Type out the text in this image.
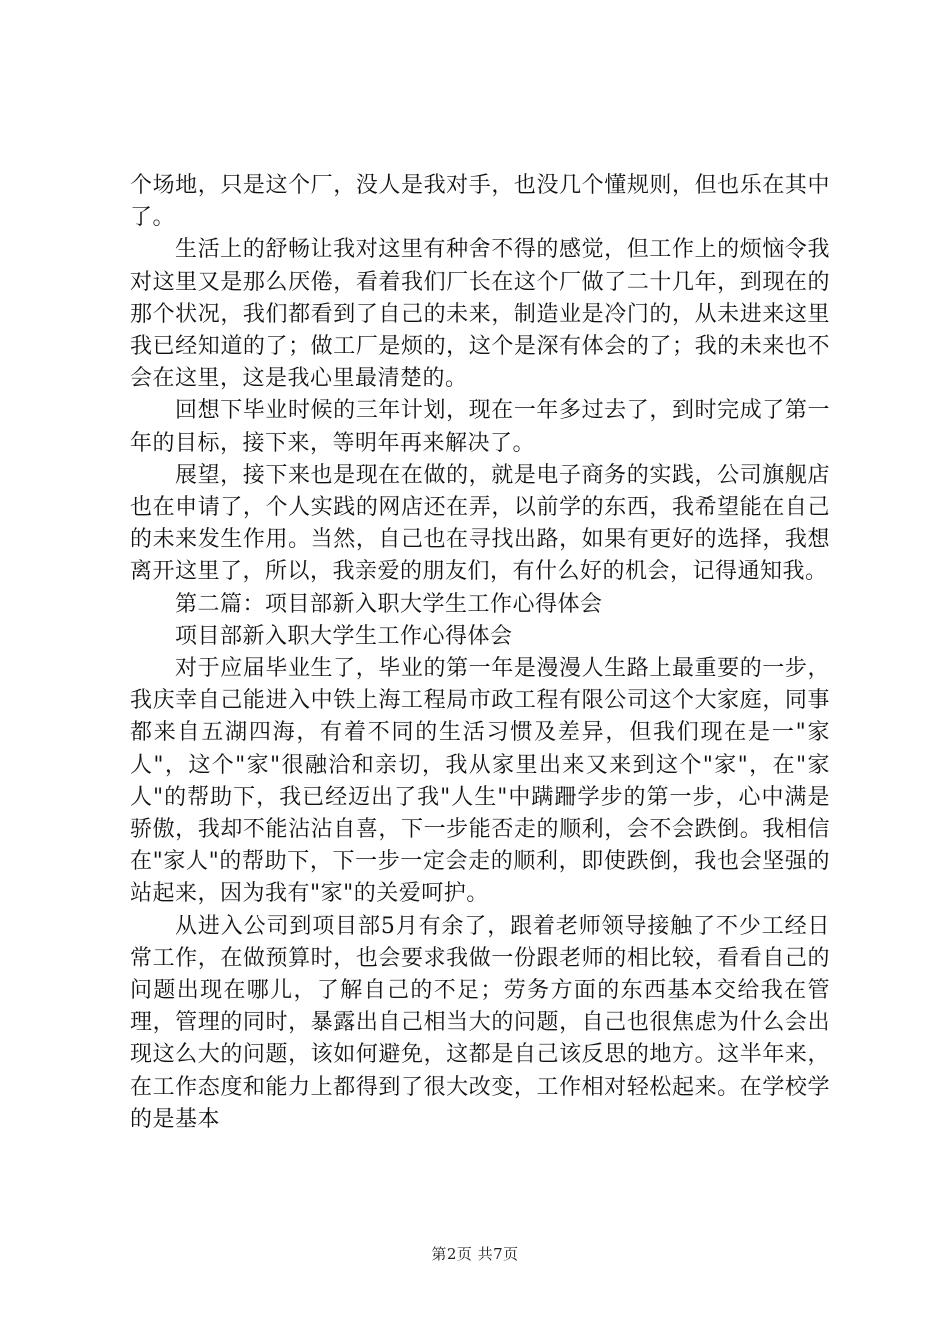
个场地，只是这个厂，没人是我对手，也没几个懂规则，但也乐在其中了。

生活上的舒畅让我对这里有种舍不得的感觉，但工作上的烦恼令我对这里又是那么厌倦，看着我们厂长在这个厂做了二十几年，到现在的那个状况，我们都看到了自己的未来，制造业是冷门的，从未进来这里我已经知道的了；做工厂是烦的，这个是深有体会的了；我的未来也不会在这里，这是我心里最清楚的。

回想下毕业时候的三年计划，现在一年多过去了，到时完成了第一年的目标，接下来，等明年再来解决了。

展望，接下来也是现在在做的，就是电子商务的实践，公司旗舰店也在申请了，个人实践的网店还在弄，以前学的东西，我希望能在自己的未来发生作用。当然，自己也在寻找出路，如果有更好的选择，我想离开这里了，所以，我亲爱的朋友们，有什么好的机会，记得通知我。

第二篇：项目部新入职大学生工作心得体会

项目部新入职大学生工作心得体会

对于应届毕业生了，毕业的第一年是漫漫人生路上最重要的一步，我庆幸自己能进入中铁上海工程局市政工程有限公司这个大家庭，同事都来自五湖四海，有着不同的生活习惯及差异，但我们现在是一"家人"，这个"家"很融洽和亲切，我从家里出来又来到这个"家"，在"家人"的帮助下，我已经迈出了我"人生"中蹒跚学步的第一步，心中满是骄傲，我却不能沾沾自喜，下一步能否走的顺利，会不会跌倒。我相信在"家人"的帮助下，下一步一定会走的顺利，即使跌倒，我也会坚强的站起来，因为我有"家"的关爱呵护。

从进入公司到项目部5月有余了，跟着老师领导接触了不少工经日常工作，在做预算时，也会要求我做一份跟老师的相比较，看看自己的问题出现在哪儿，了解自己的不足；劳务方面的东西基本交给我在管理，管理的同时，暴露出自己相当大的问题，自己也很焦虑为什么会出现这么大的问题，该如何避免，这都是自己该反思的地方。这半年来，在工作态度和能力上都得到了很大改变，工作相对轻松起来。在学校学的是基本

第2页 共7页
